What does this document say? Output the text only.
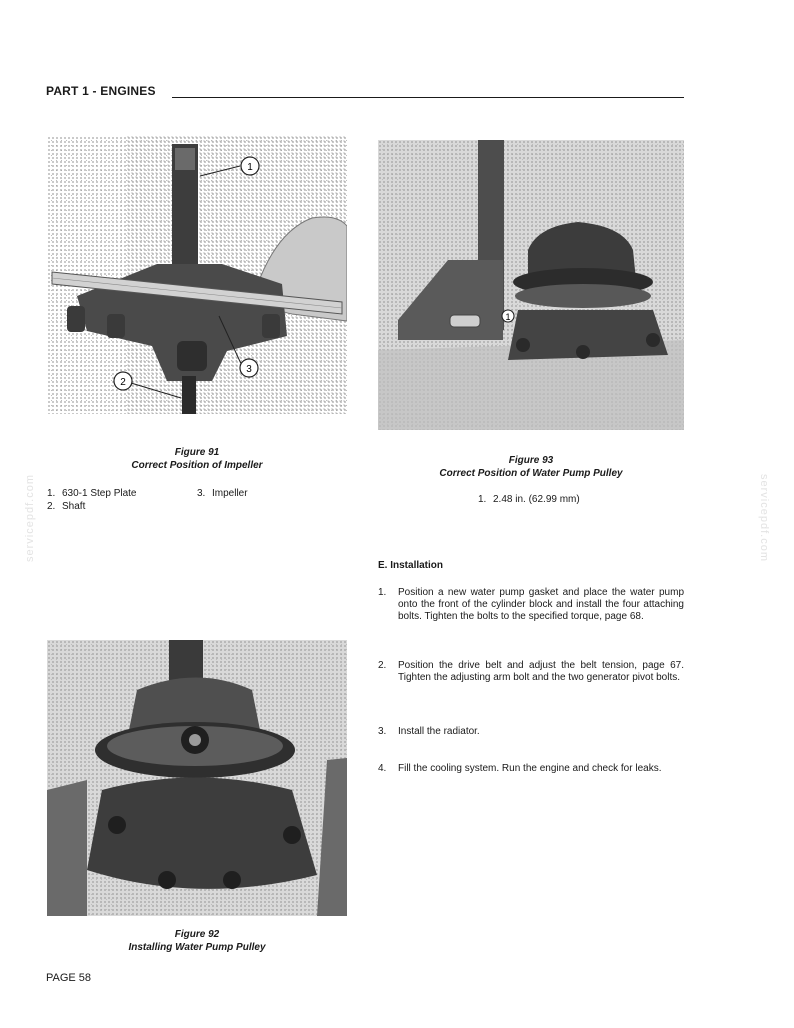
PART 1 - ENGINES
1
3
2
1
Figure 91
Correct Position of Impeller	Figure 93
Correct Position of Water Pump Pulley
Figure 92
Installing Water Pump Pulley
1. 630-1 Step Plate
2. Shaft
3. Impeller
1. 2.48 in. (62.99 mm)
E. Installation
1. Position a new water pump gasket and place the water pump onto the front of the cylinder block and install the four attaching bolts. Tighten the bolts to the specified torque, page 68.
2. Position the drive belt and adjust the belt tension, page 67. Tighten the adjusting arm bolt and the two generator pivot bolts.
3. Install the radiator.
4. Fill the cooling system. Run the engine and check for leaks.
PAGE 58
servicepdf.com	servicepdf.com
